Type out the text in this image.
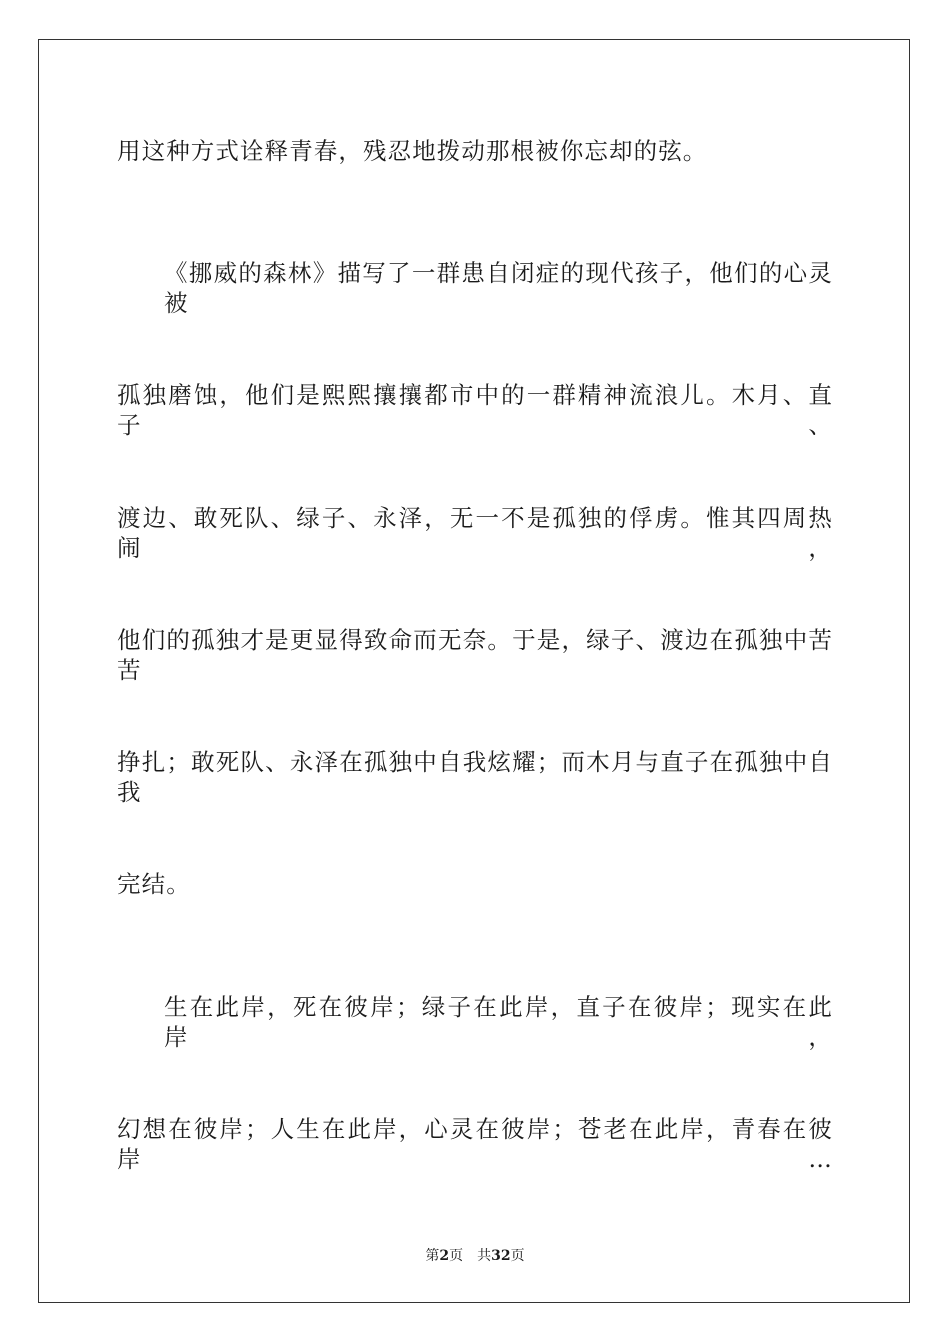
用这种方式诠释青春，残忍地拨动那根被你忘却的弦。
《挪威的森林》描写了一群患自闭症的现代孩子，他们的心灵被
孤独磨蚀，他们是熙熙攘攘都市中的一群精神流浪儿。木月、直子、
渡边、敢死队、绿子、永泽，无一不是孤独的俘虏。惟其四周热闹，
他们的孤独才是更显得致命而无奈。于是，绿子、渡边在孤独中苦苦
挣扎；敢死队、永泽在孤独中自我炫耀；而木月与直子在孤独中自我
完结。
生在此岸，死在彼岸；绿子在此岸，直子在彼岸；现实在此岸，
幻想在彼岸；人生在此岸，心灵在彼岸；苍老在此岸，青春在彼岸…
第2页 共32页
